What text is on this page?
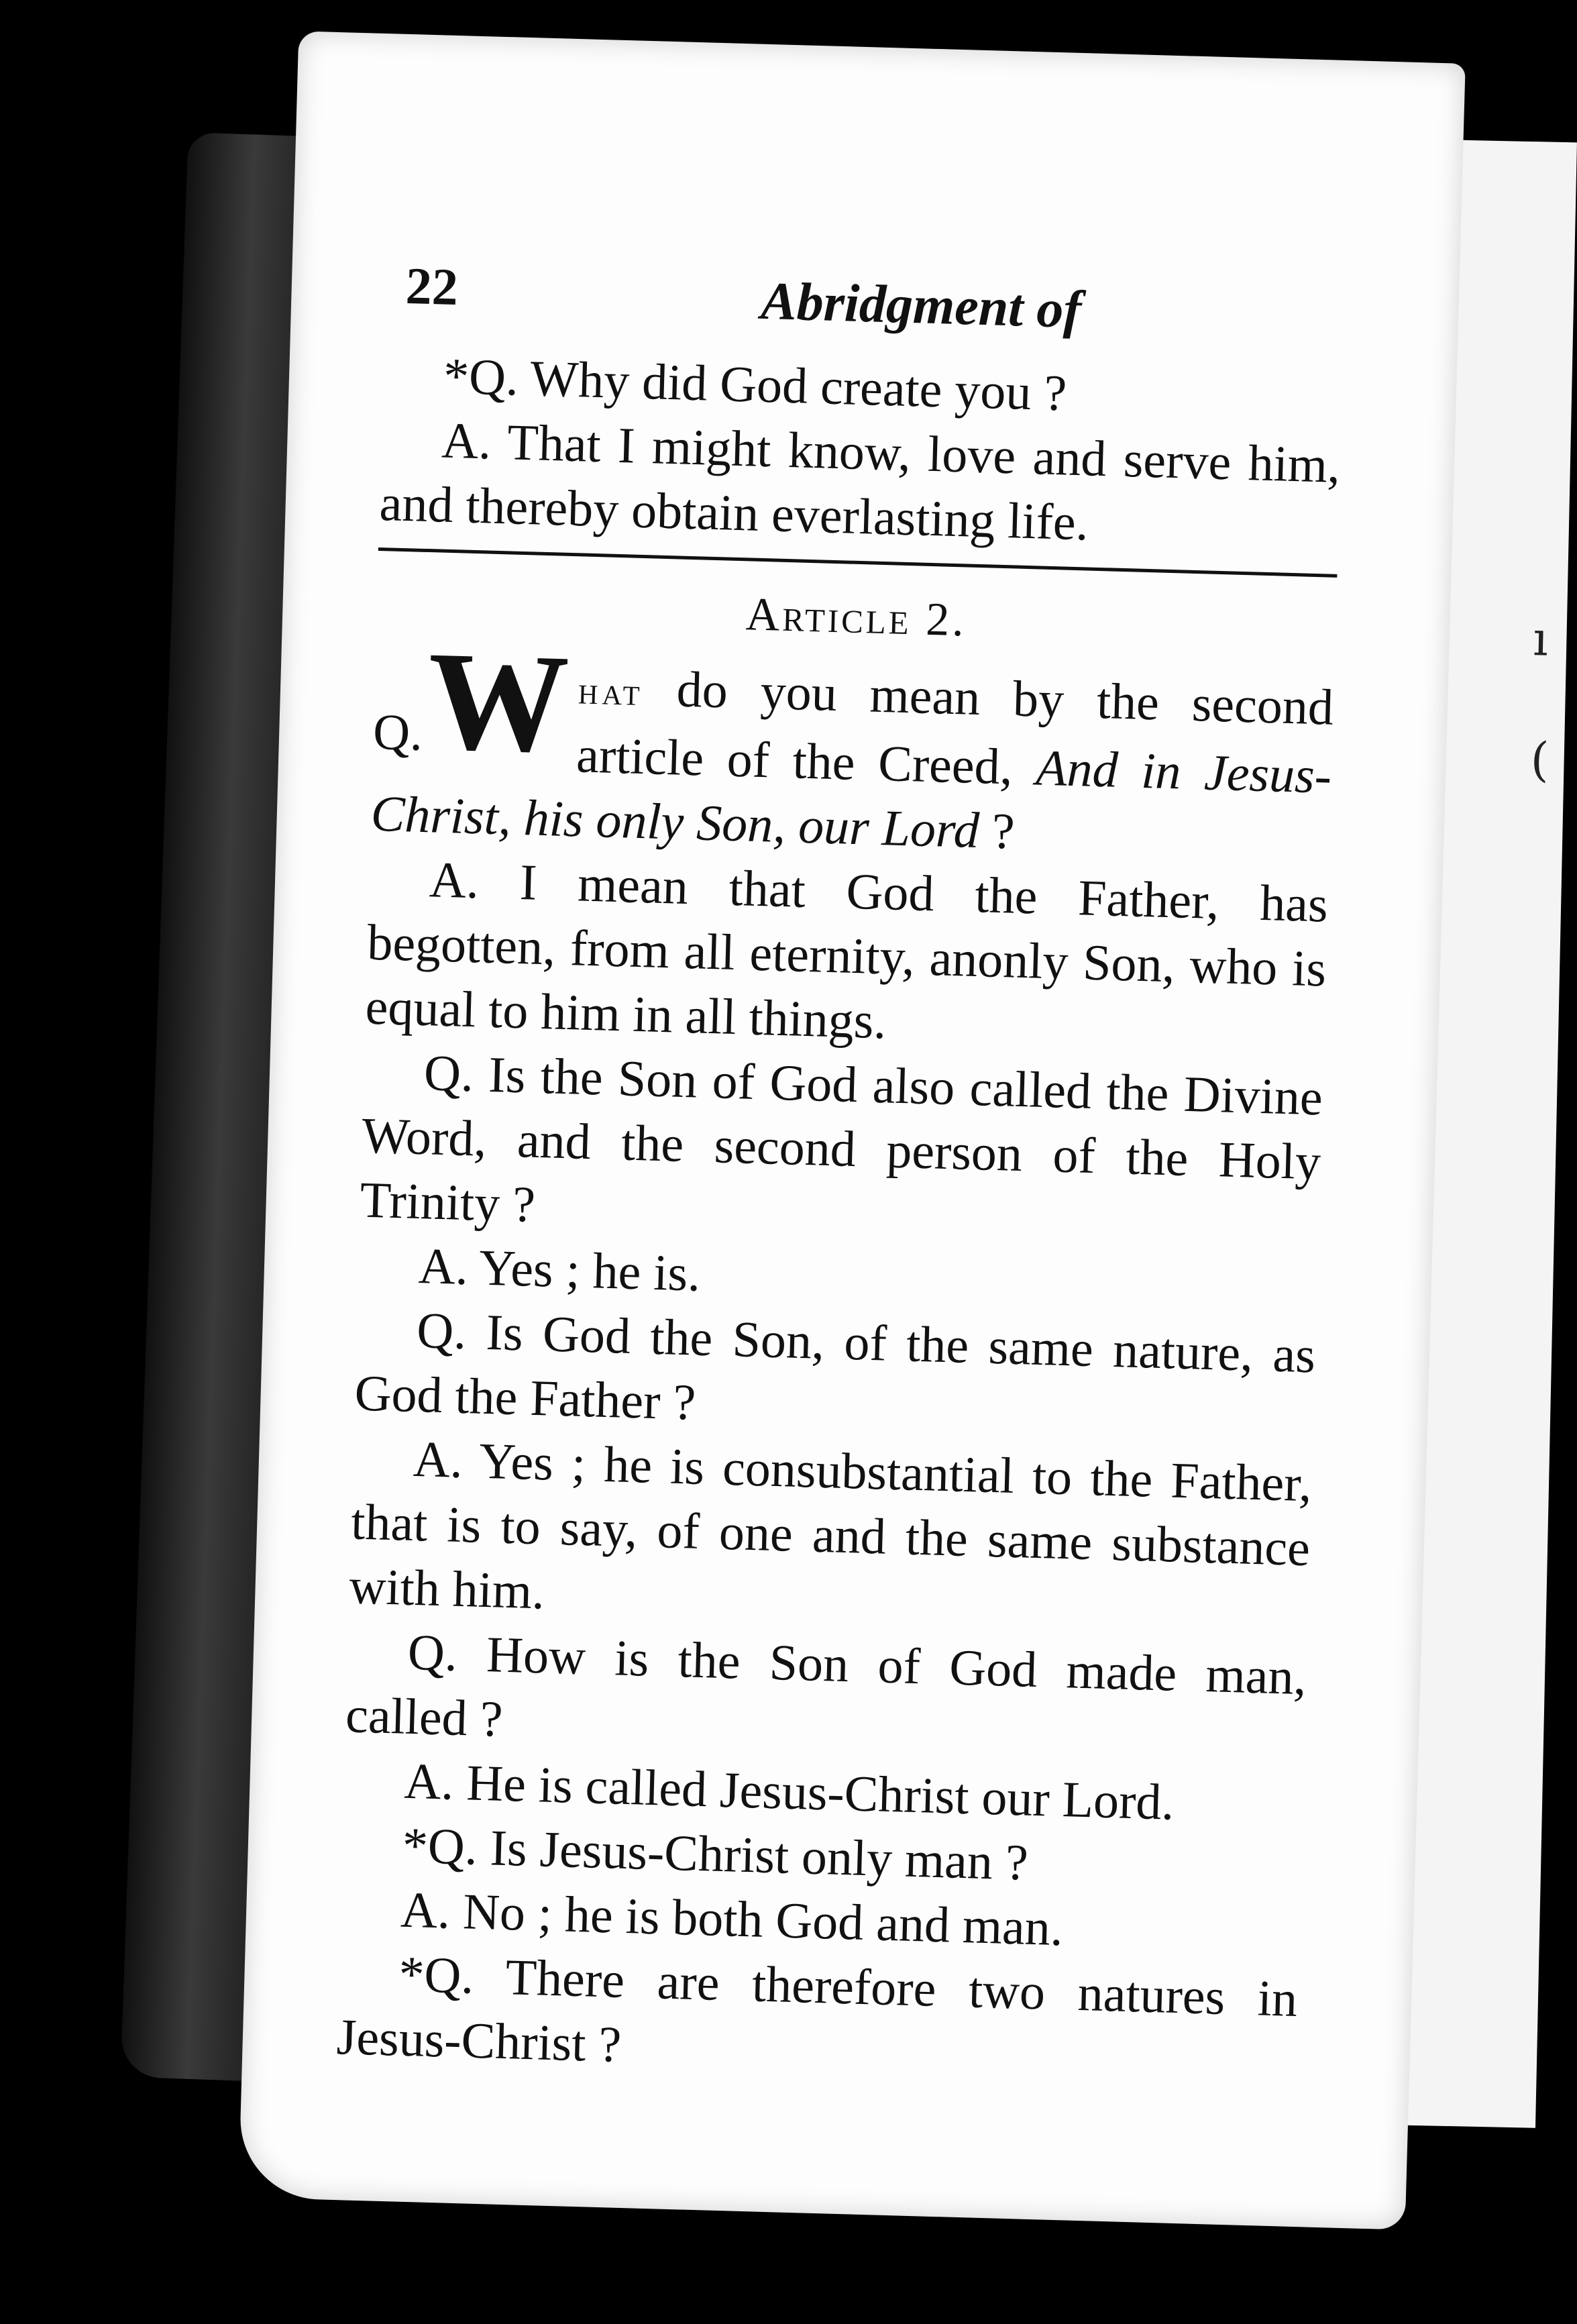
ı
(
22	Abridgment of

*Q. Why did God create you ?

A. That I might know, love and serve him, and thereby obtain everlasting life.

Article 2.
Q. W hat do you mean by the second article of the Creed, And in Jesus-Christ, his only Son, our Lord ?

A. I mean that God the Father, has begotten, from all eternity, anonly Son, who is equal to him in all things.

Q. Is the Son of God also called the Divine Word, and the second person of the Holy Trinity ?

A. Yes ; he is.

Q. Is God the Son, of the same nature, as God the Father ?

A. Yes ; he is consubstantial to the Father, that is to say, of one and the same substance with him.

Q. How is the Son of God made man, called ?

A. He is called Jesus-Christ our Lord.

*Q. Is Jesus-Christ only man ?

A. No ; he is both God and man.

*Q. There are therefore two natures in Jesus-Christ ?
